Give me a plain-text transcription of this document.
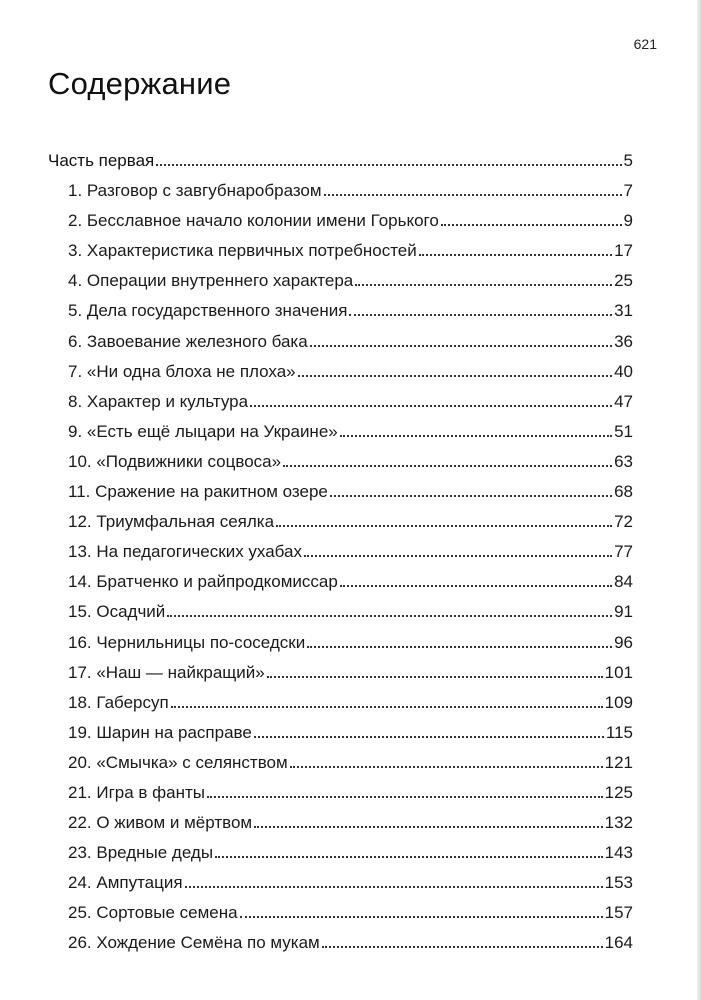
621
Содержание
Часть первая	5
1. Разговор с завгубнаробразом	7
2. Бесславное начало колонии имени Горького	9
3. Характеристика первичных потребностей	17
4. Операции внутреннего характера	25
5. Дела государственного значения	31
6. Завоевание железного бака	36
7. «Ни одна блоха не плоха»	40
8. Характер и культура	47
9. «Есть ещё лыцари на Украине»	51
10. «Подвижники соцвоса»	63
11. Сражение на ракитном озере	68
12. Триумфальная сеялка	72
13. На педагогических ухабах	77
14. Братченко и райпродкомиссар	84
15. Осадчий	91
16. Чернильницы по-соседски	96
17. «Наш — найкращий»	101
18. Габерсуп	109
19. Шарин на расправе	115
20. «Смычка» с селянством	121
21. Игра в фанты	125
22. О живом и мёртвом	132
23. Вредные деды	143
24. Ампутация	153
25. Сортовые семена	157
26. Хождение Семёна по мукам	164
